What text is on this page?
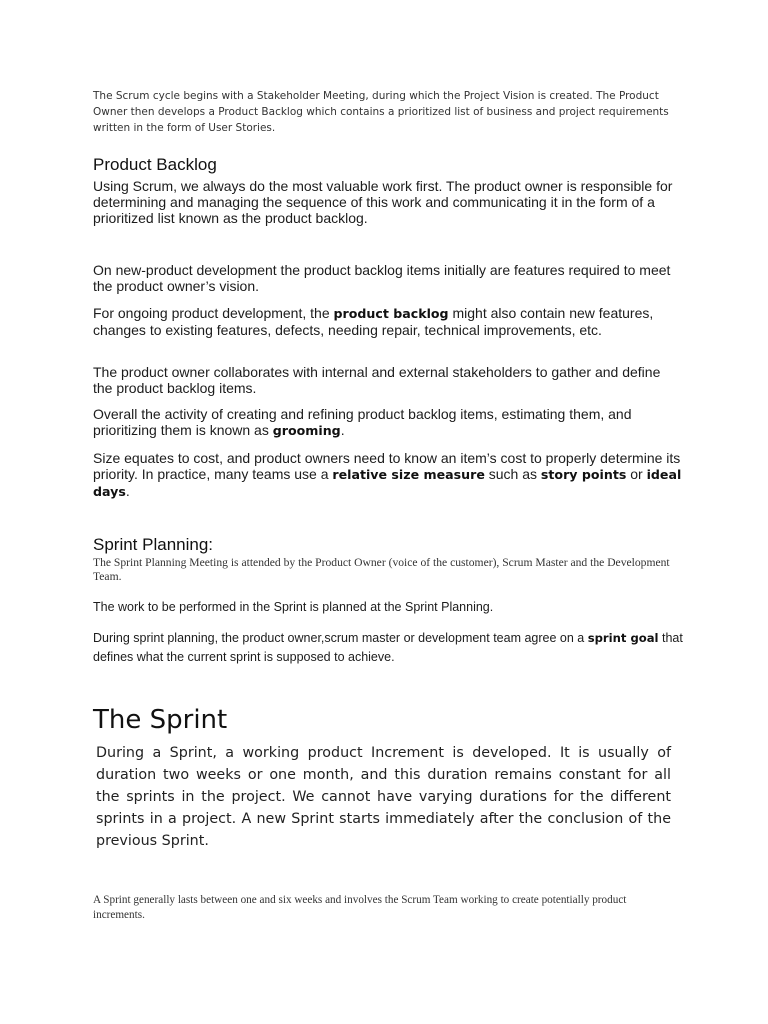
The Scrum cycle begins with a Stakeholder Meeting, during which the Project Vision is created. The Product Owner then develops a Product Backlog which contains a prioritized list of business and project requirements written in the form of User Stories.

Product Backlog

Using Scrum, we always do the most valuable work first. The product owner is responsible for determining and managing the sequence of this work and communicating it in the form of a prioritized list known as the product backlog.

On new-product development the product backlog items initially are features required to meet the product owner’s vision.

For ongoing product development, the product backlog might also contain new features, changes to existing features, defects, needing repair, technical improvements, etc.

The product owner collaborates with internal and external stakeholders to gather and define the product backlog items.

Overall the activity of creating and refining product backlog items, estimating them, and prioritizing them is known as grooming.

Size equates to cost, and product owners need to know an item’s cost to properly determine its priority. In practice, many teams use a relative size measure such as story points or ideal days.

Sprint Planning:

The Sprint Planning Meeting is attended by the Product Owner (voice of the customer), Scrum Master and the Development Team.

The work to be performed in the Sprint is planned at the Sprint Planning.

During sprint planning, the product owner,scrum master or development team agree on a sprint goal that defines what the current sprint is supposed to achieve.

The Sprint

During a Sprint, a working product Increment is developed. It is usually of duration two weeks or one month, and this duration remains constant for all the sprints in the project. We cannot have varying durations for the different sprints in a project. A new Sprint starts immediately after the conclusion of the previous Sprint.

A Sprint generally lasts between one and six weeks and involves the Scrum Team working to create potentially product increments.
